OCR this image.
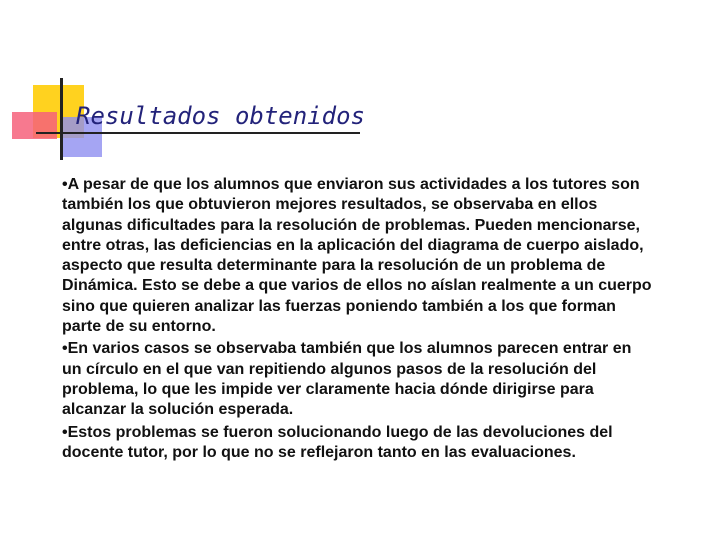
Resultados obtenidos

•A pesar de que los alumnos que enviaron sus actividades a los tutores son también los que obtuvieron mejores resultados, se observaba en ellos algunas dificultades para la resolución de problemas. Pueden mencionarse, entre otras, las deficiencias en la aplicación del diagrama de cuerpo aislado, aspecto que resulta determinante para la resolución de un problema de Dinámica. Esto se debe a que varios de ellos no aíslan realmente a un cuerpo sino que quieren analizar las fuerzas poniendo también a los que forman parte de su entorno.

•En varios casos se observaba también que los alumnos parecen entrar en un círculo en el que van repitiendo algunos pasos de la resolución del problema, lo que les impide ver claramente hacia dónde dirigirse para alcanzar la solución esperada.

•Estos problemas se fueron solucionando luego de las devoluciones del docente tutor, por lo que no se reflejaron tanto en las evaluaciones.
